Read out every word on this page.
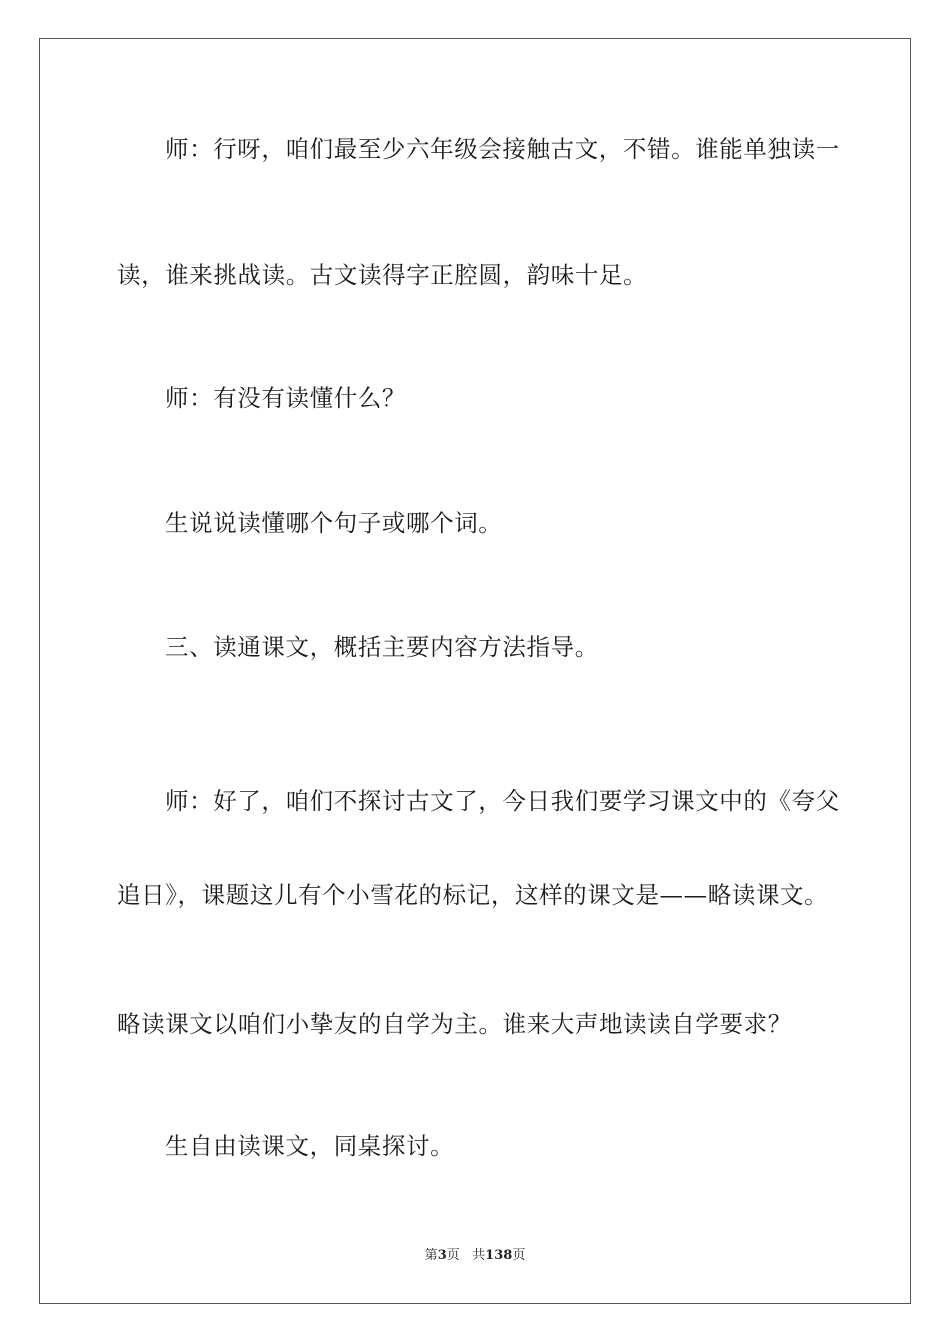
师：行呀，咱们最至少六年级会接触古文，不错。谁能单独读一
读，谁来挑战读。古文读得字正腔圆，韵味十足。
师：有没有读懂什么？
生说说读懂哪个句子或哪个词。
三、读通课文，概括主要内容方法指导。
师：好了，咱们不探讨古文了，今日我们要学习课文中的《夸父
追日》，课题这儿有个小雪花的标记，这样的课文是——略读课文。
略读课文以咱们小挚友的自学为主。谁来大声地读读自学要求？
生自由读课文，同桌探讨。
第3页 共138页
